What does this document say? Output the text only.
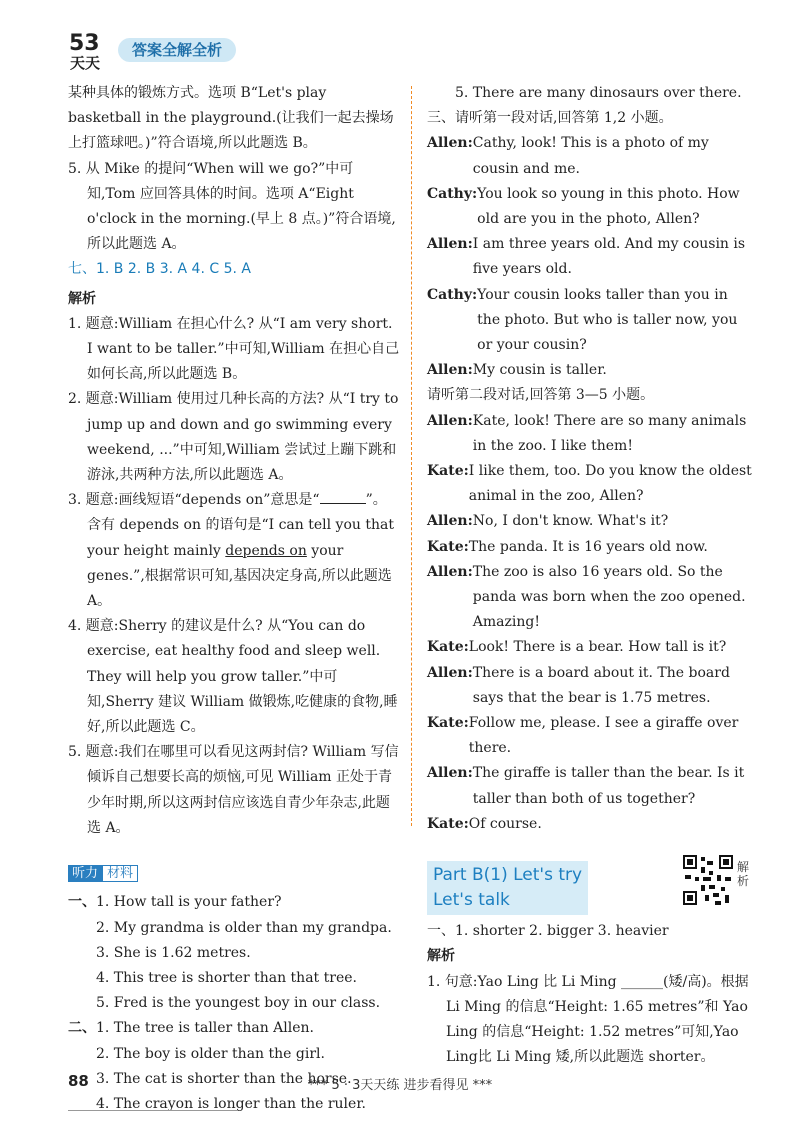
53
天天
答案全解全析

某种具体的锻炼方式。选项 B“Let's play basketball in the playground.(让我们一起去操场上打篮球吧。)”符合语境,所以此题选 B。

5. 从 Mike 的提问“When will we go?”中可知,Tom 应回答具体的时间。选项 A“Eight o'clock in the morning.(早上 8 点。)”符合语境,所以此题选 A。

七、1. B 2. B 3. A 4. C 5. A

解析

1. 题意:William 在担心什么? 从“I am very short. I want to be taller.”中可知,William 在担心自己如何长高,所以此题选 B。

2. 题意:William 使用过几种长高的方法? 从“I try to jump up and down and go swimming every weekend, ...”中可知,William 尝试过上蹦下跳和游泳,共两种方法,所以此题选 A。

3. 题意:画线短语“depends on”意思是“	”。含有 depends on 的语句是“I can tell you that your height mainly depends on your genes.”,根据常识可知,基因决定身高,所以此题选 A。

4. 题意:Sherry 的建议是什么? 从“You can do exercise, eat healthy food and sleep well. They will help you grow taller.”中可知,Sherry 建议 William 做锻炼,吃健康的食物,睡好,所以此题选 C。

5. 题意:我们在哪里可以看见这两封信? William 写信倾诉自己想要长高的烦恼,可见 William 正处于青少年时期,所以这两封信应该选自青少年杂志,此题选 A。

听力 材料
一、 1. How tall is your father?
2. My grandma is older than my grandpa.
3. She is 1.62 metres.
4. This tree is shorter than that tree.
5. Fred is the youngest boy in our class.
二、 1. The tree is taller than Allen.
2. The boy is older than the girl.
3. The cat is shorter than the horse.
4. The crayon is longer than the ruler.

5. There are many dinosaurs over there.

三、请听第一段对话,回答第 1,2 小题。

Allen: Cathy, look! This is a photo of my cousin and me.
Cathy: You look so young in this photo. How old are you in the photo, Allen?
Allen: I am three years old. And my cousin is five years old.
Cathy: Your cousin looks taller than you in the photo. But who is taller now, you or your cousin?
Allen: My cousin is taller.

请听第二段对话,回答第 3—5 小题。

Allen: Kate, look! There are so many animals in the zoo. I like them!
Kate: I like them, too. Do you know the oldest animal in the zoo, Allen?
Allen: No, I don't know. What's it?
Kate: The panda. It is 16 years old now.
Allen: The zoo is also 16 years old. So the panda was born when the zoo opened. Amazing!
Kate: Look! There is a bear. How tall is it?
Allen: There is a board about it. The board says that the bear is 1.75 metres.
Kate: Follow me, please. I see a giraffe over there.
Allen: The giraffe is taller than the bear. Is it taller than both of us together?
Kate: Of course.
Part B(1) Let's try
Let's talk

一、1. shorter 2. bigger 3. heavier

解析

1. 句意:Yao Ling 比 Li Ming ______(矮/高)。根据 Li Ming 的信息“Height: 1.65 metres”和 Yao Ling 的信息“Height: 1.52 metres”可知,Yao Ling比 Li Ming 矮,所以此题选 shorter。

解析
88	*** 5 · 3天天练 进步看得见 ***
